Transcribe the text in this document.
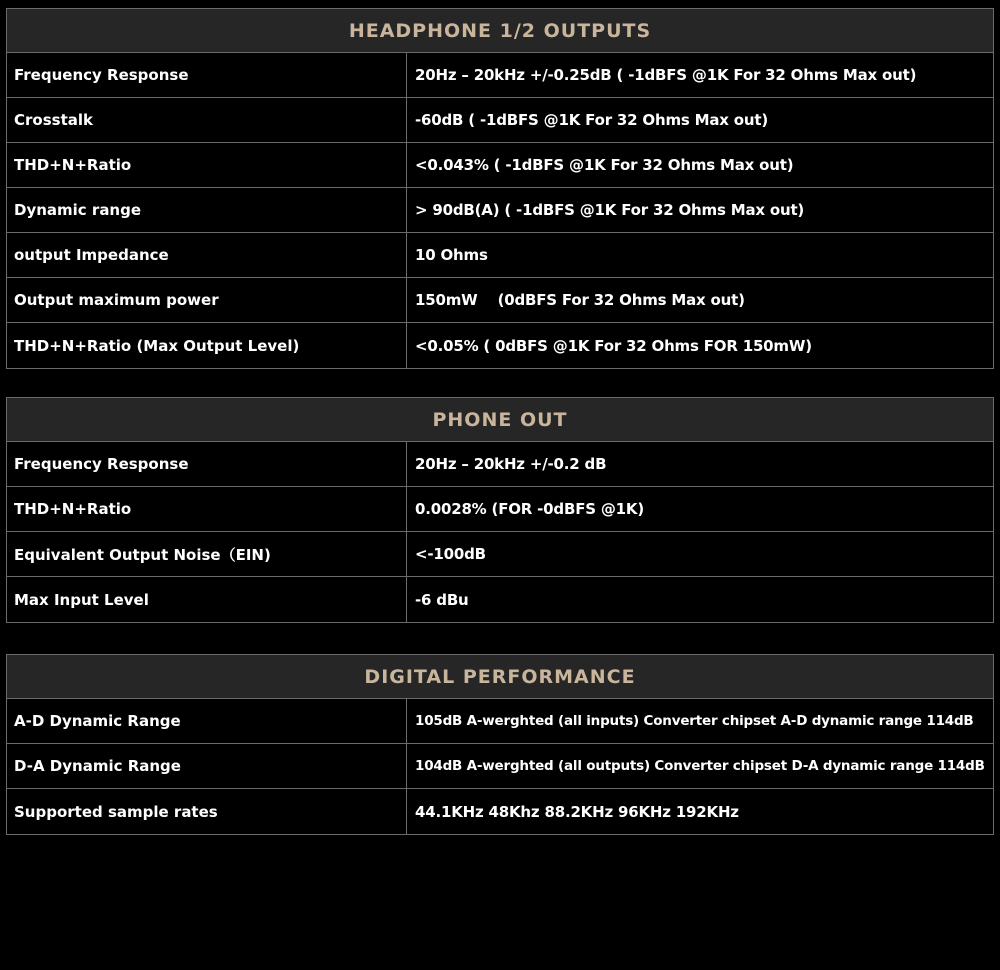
HEADPHONE 1/2 OUTPUTS
Frequency Response	20Hz – 20kHz +/-0.25dB ( -1dBFS @1K For 32 Ohms Max out)
Crosstalk	-60dB ( -1dBFS @1K For 32 Ohms Max out)
THD+N+Ratio	<0.043% ( -1dBFS @1K For 32 Ohms Max out)
Dynamic range	> 90dB(A) ( -1dBFS @1K For 32 Ohms Max out)
output Impedance	10 Ohms
Output maximum power	150mW    (0dBFS For 32 Ohms Max out)
THD+N+Ratio (Max Output Level)	<0.05% ( 0dBFS @1K For 32 Ohms FOR 150mW)
PHONE OUT
Frequency Response	20Hz – 20kHz +/-0.2 dB
THD+N+Ratio	0.0028% (FOR -0dBFS @1K)
Equivalent Output Noise（EIN)	<-100dB
Max Input Level	-6 dBu
DIGITAL PERFORMANCE
A-D Dynamic Range	105dB A-werghted (all inputs) Converter chipset A-D dynamic range 114dB
D-A Dynamic Range	104dB A-werghted (all outputs) Converter chipset D-A dynamic range 114dB
Supported sample rates	44.1KHz 48Khz 88.2KHz 96KHz 192KHz
